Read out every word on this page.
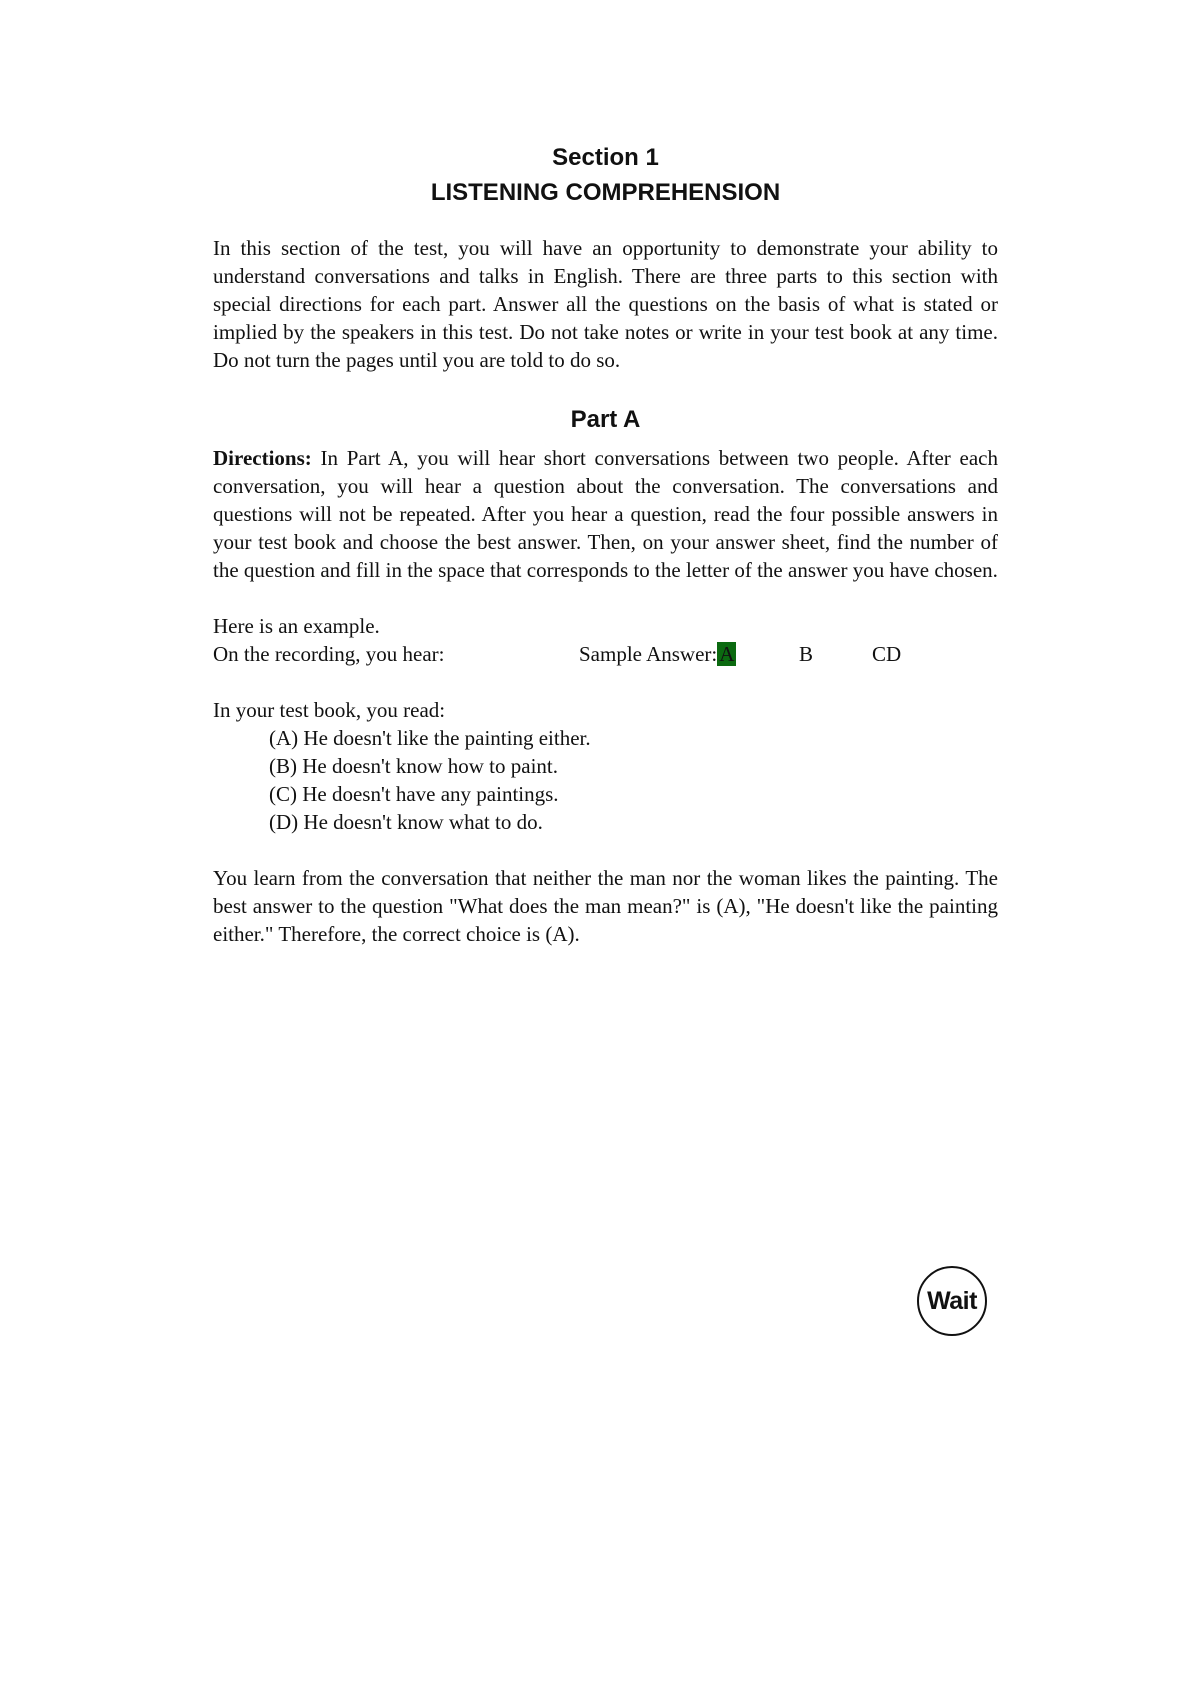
Section 1
LISTENING COMPREHENSION

In this section of the test, you will have an opportunity to demonstrate your ability to understand conversations and talks in English. There are three parts to this section with special directions for each part. Answer all the questions on the basis of what is stated or implied by the speakers in this test. Do not take notes or write in your test book at any time. Do not turn the pages until you are told to do so.

Part A

Directions: In Part A, you will hear short conversations between two people. After each conversation, you will hear a question about the conversation. The conversations and questions will not be repeated. After you hear a question, read the four possible answers in your test book and choose the best answer. Then, on your answer sheet, find the number of the question and fill in the space that corresponds to the letter of the answer you have chosen.

Here is an example.
On the recording, you hear:	Sample Answer:A	B	CD
In your test book, you read:
(A) He doesn't like the painting either.
(B) He doesn't know how to paint.
(C) He doesn't have any paintings.
(D) He doesn't know what to do.

You learn from the conversation that neither the man nor the woman likes the painting. The best answer to the question "What does the man mean?" is (A), "He doesn't like the painting either." Therefore, the correct choice is (A).

Wait
